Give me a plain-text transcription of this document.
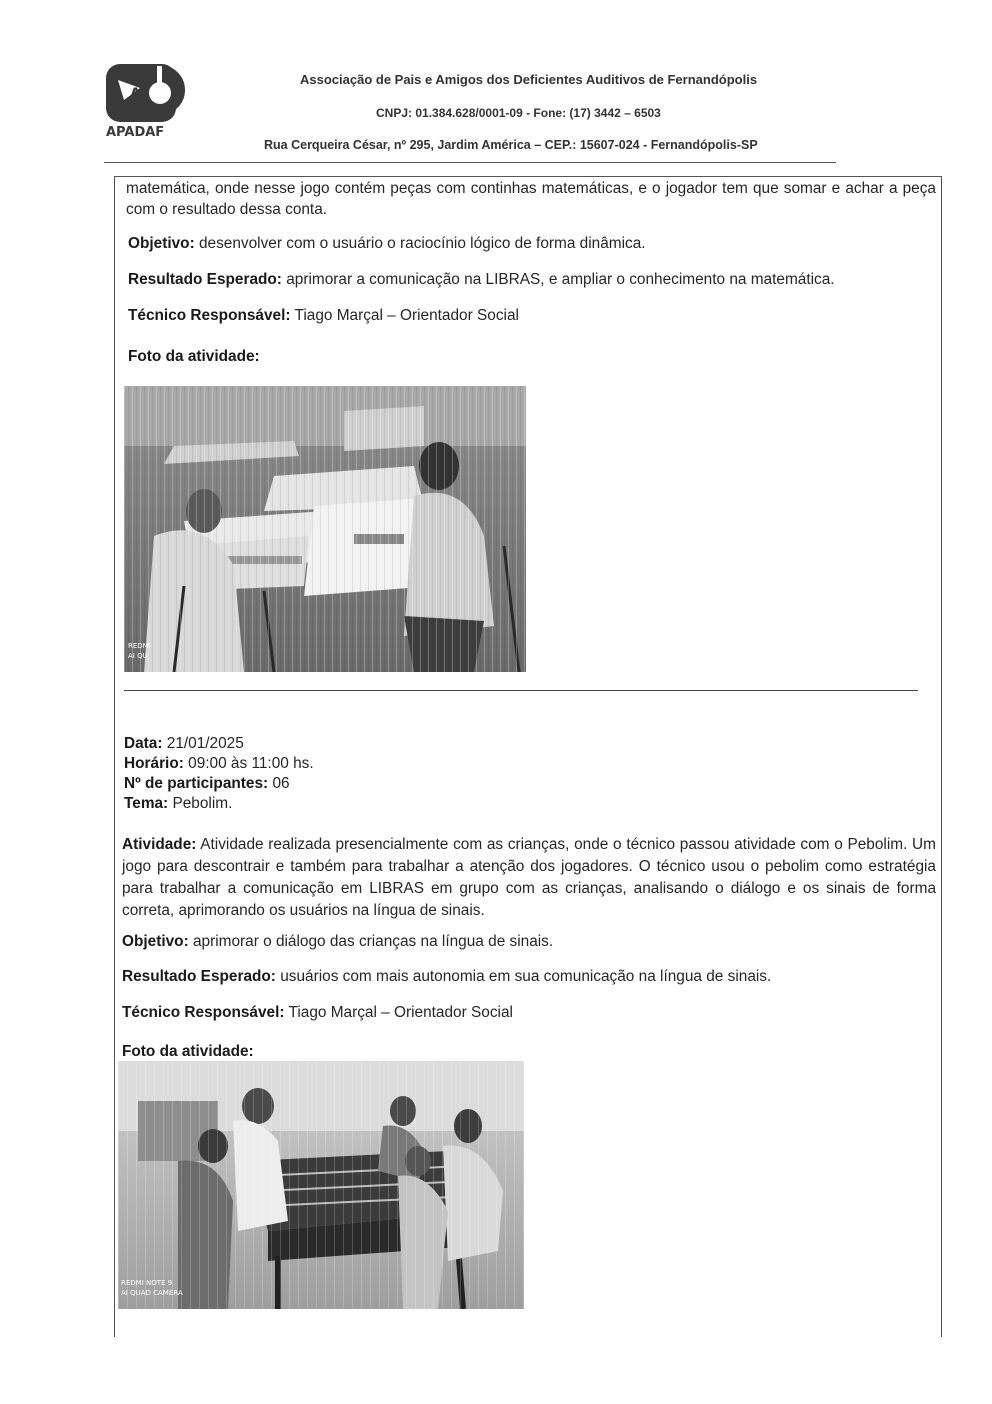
A
APADAF
Associação de Pais e Amigos dos Deficientes Auditivos de Fernandópolis
CNPJ: 01.384.628/0001-09 - Fone: (17) 3442 – 6503
Rua Cerqueira César, nº 295, Jardim América – CEP.: 15607-024 - Fernandópolis-SP
matemática, onde nesse jogo contém peças com continhas matemáticas, e o jogador tem que somar e achar a peça com o resultado dessa conta.
Objetivo: desenvolver com o usuário o raciocínio lógico de forma dinâmica.
Resultado Esperado: aprimorar a comunicação na LIBRAS, e ampliar o conhecimento na matemática.
Técnico Responsável: Tiago Marçal – Orientador Social
Foto da atividade:
REDMI
AI QU
Data: 21/01/2025
Horário: 09:00 às 11:00 hs.
Nº de participantes: 06
Tema: Pebolim.
Atividade: Atividade realizada presencialmente com as crianças, onde o técnico passou atividade com o Pebolim. Um jogo para descontrair e também para trabalhar a atenção dos jogadores. O técnico usou o pebolim como estratégia para trabalhar a comunicação em LIBRAS em grupo com as crianças, analisando o diálogo e os sinais de forma correta, aprimorando os usuários na língua de sinais.
Objetivo: aprimorar o diálogo das crianças na língua de sinais.
Resultado Esperado: usuários com mais autonomia em sua comunicação na língua de sinais.
Técnico Responsável: Tiago Marçal – Orientador Social
Foto da atividade:
REDMI NOTE 9
AI QUAD CAMERA
